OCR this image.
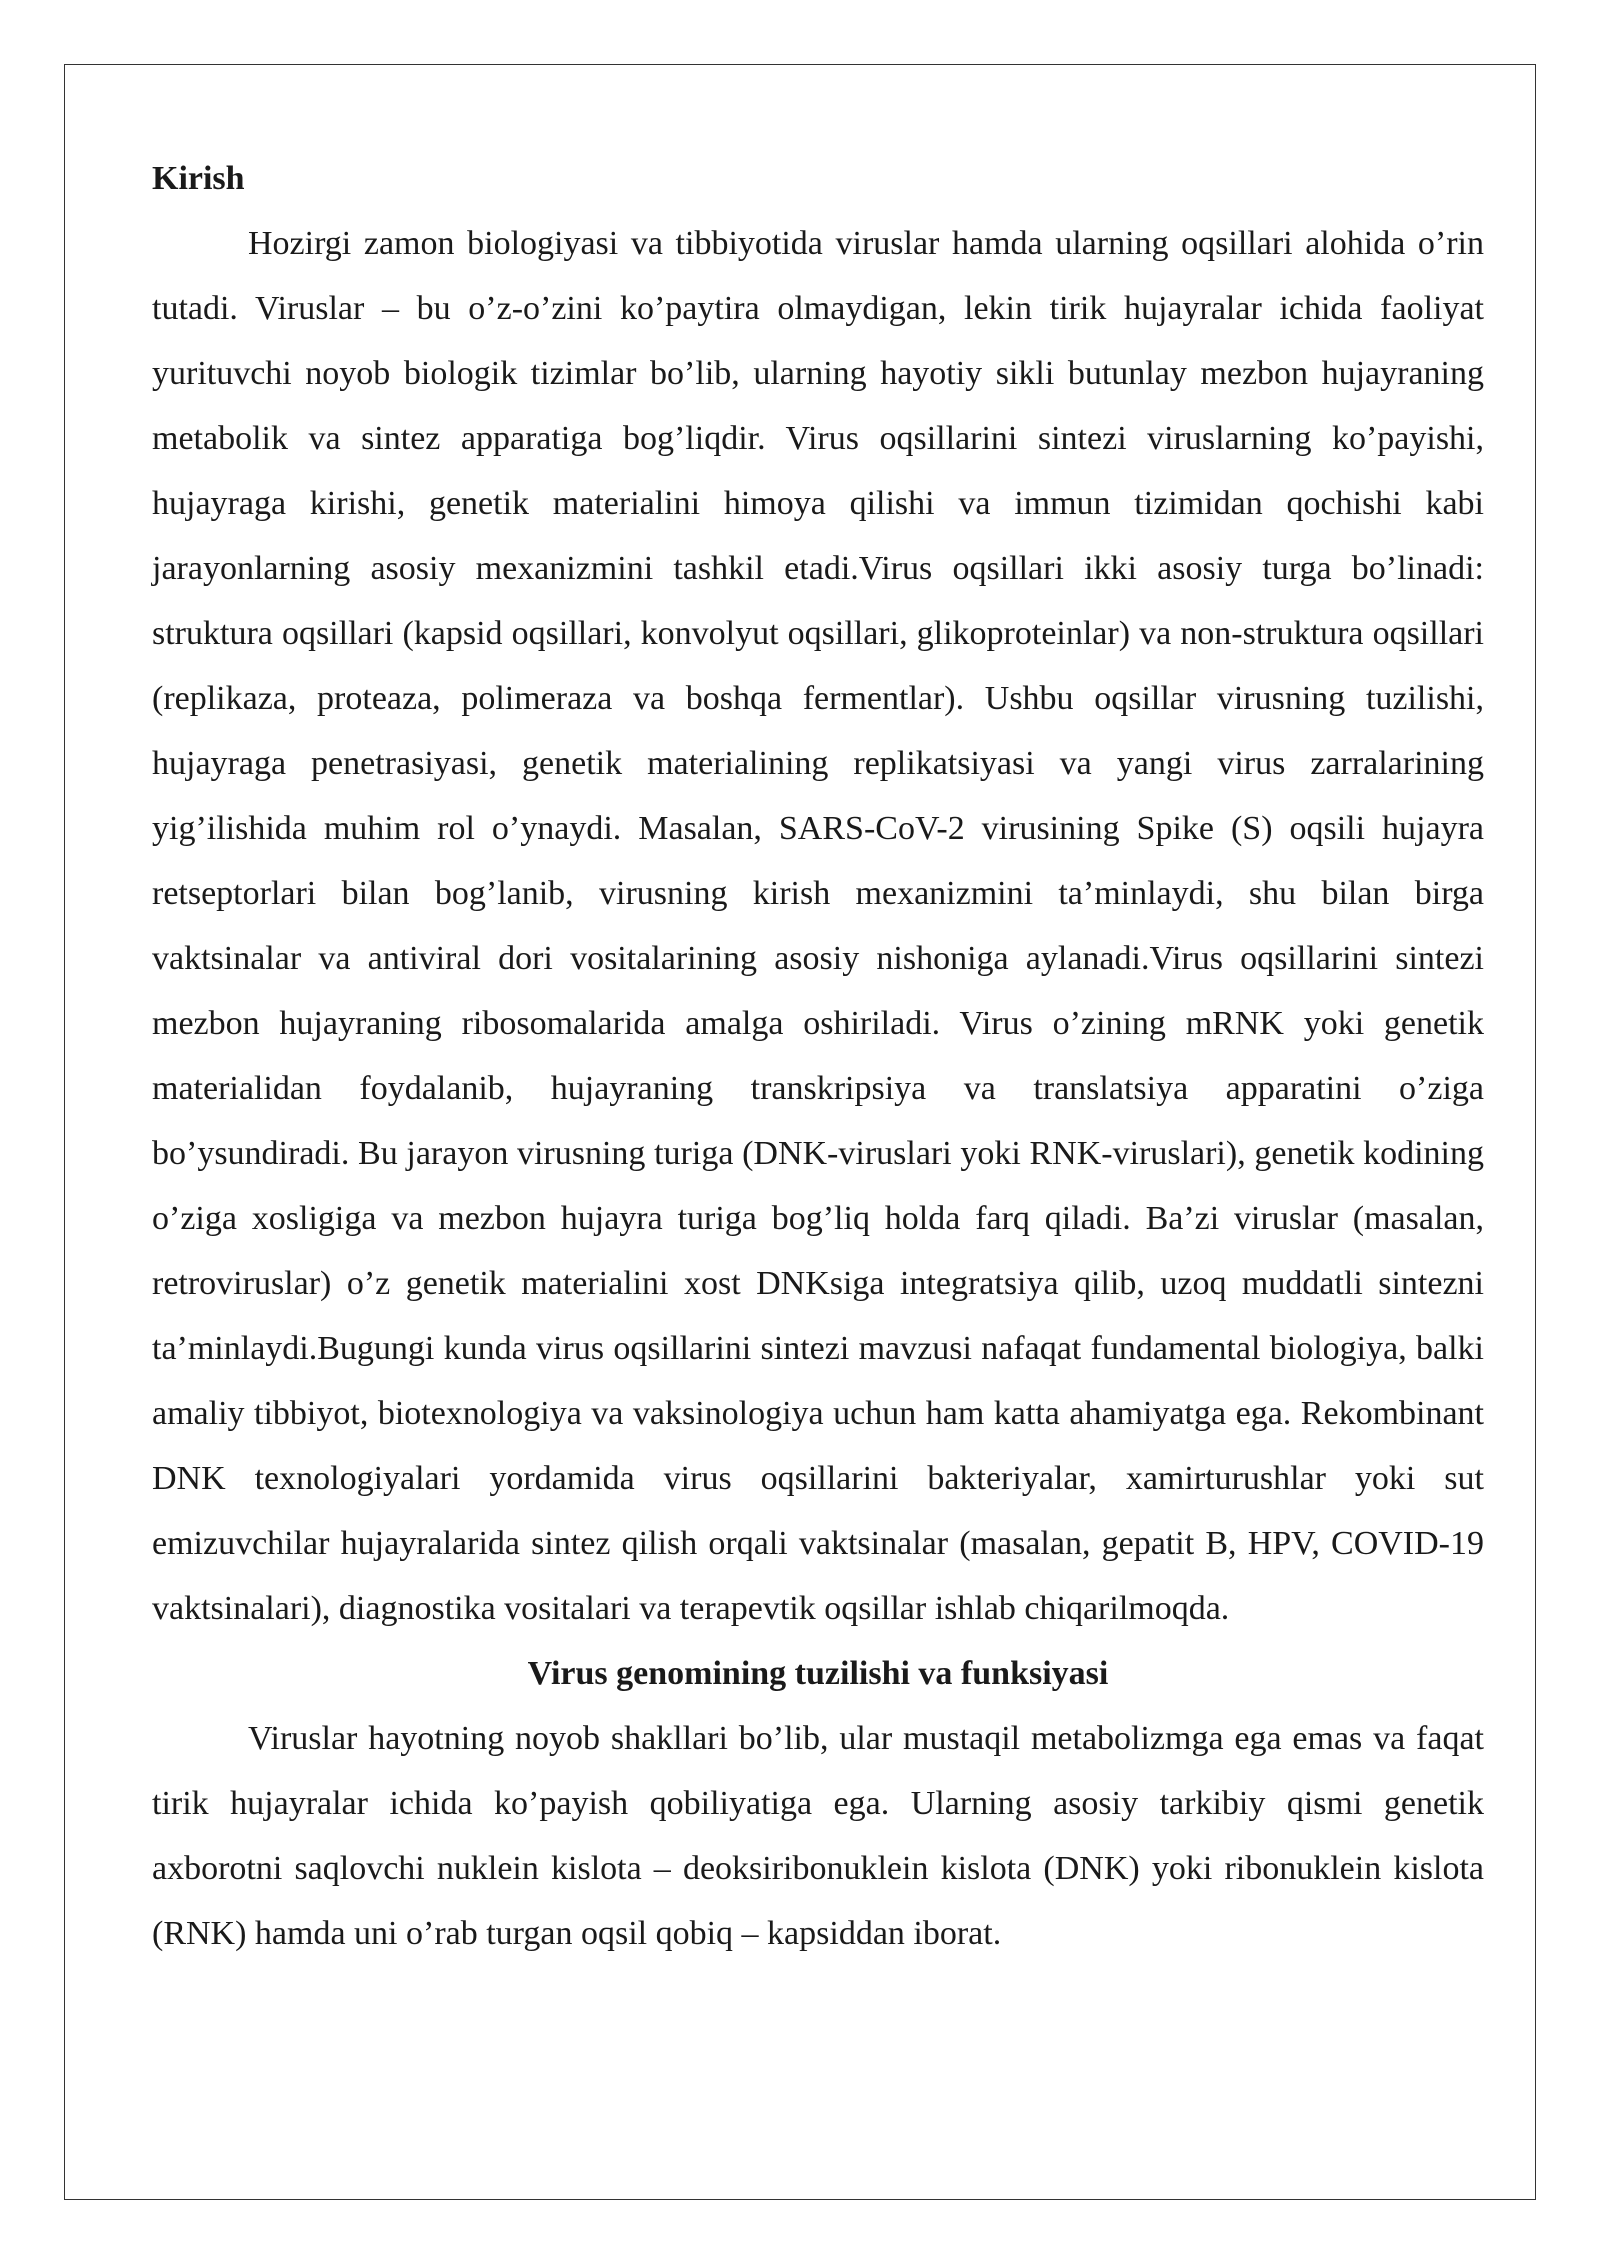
Kirish

Hozirgi zamon biologiyasi va tibbiyotida viruslar hamda ularning oqsillari alohida o’rin tutadi. Viruslar – bu o’z-o’zini ko’paytira olmaydigan, lekin tirik hujayralar ichida faoliyat yurituvchi noyob biologik tizimlar bo’lib, ularning hayotiy sikli butunlay mezbon hujayraning metabolik va sintez apparatiga bog’liqdir. Virus oqsillarini sintezi viruslarning ko’payishi, hujayraga kirishi, genetik materialini himoya qilishi va immun tizimidan qochishi kabi jarayonlarning asosiy mexanizmini tashkil etadi.Virus oqsillari ikki asosiy turga bo’linadi: struktura oqsillari (kapsid oqsillari, konvolyut oqsillari, glikoproteinlar) va non-struktura oqsillari (replikaza, proteaza, polimeraza va boshqa fermentlar). Ushbu oqsillar virusning tuzilishi, hujayraga penetrasiyasi, genetik materialining replikatsiyasi va yangi virus zarralarining yig’ilishida muhim rol o’ynaydi. Masalan, SARS-CoV-2 virusining Spike (S) oqsili hujayra retseptorlari bilan bog’lanib, virusning kirish mexanizmini ta’minlaydi, shu bilan birga vaktsinalar va antiviral dori vositalarining asosiy nishoniga aylanadi.Virus oqsillarini sintezi mezbon hujayraning ribosomalarida amalga oshiriladi. Virus o’zining mRNK yoki genetik materialidan foydalanib, hujayraning transkripsiya va translatsiya apparatini o’ziga bo’ysundiradi. Bu jarayon virusning turiga (DNK-viruslari yoki RNK-viruslari), genetik kodining o’ziga xosligiga va mezbon hujayra turiga bog’liq holda farq qiladi. Ba’zi viruslar (masalan, retroviruslar) o’z genetik materialini xost DNKsiga integratsiya qilib, uzoq muddatli sintezni ta’minlaydi.Bugungi kunda virus oqsillarini sintezi mavzusi nafaqat fundamental biologiya, balki amaliy tibbiyot, biotexnologiya va vaksinologiya uchun ham katta ahamiyatga ega. Rekombinant DNK texnologiyalari yordamida virus oqsillarini bakteriyalar, xamirturushlar yoki sut emizuvchilar hujayralarida sintez qilish orqali vaktsinalar (masalan, gepatit B, HPV, COVID-19 vaktsinalari), diagnostika vositalari va terapevtik oqsillar ishlab chiqarilmoqda.

Virus genomining tuzilishi va funksiyasi

Viruslar hayotning noyob shakllari bo’lib, ular mustaqil metabolizmga ega emas va faqat tirik hujayralar ichida ko’payish qobiliyatiga ega. Ularning asosiy tarkibiy qismi genetik axborotni saqlovchi nuklein kislota – deoksiribonuklein kislota (DNK) yoki ribonuklein kislota (RNK) hamda uni o’rab turgan oqsil qobiq – kapsiddan iborat.
